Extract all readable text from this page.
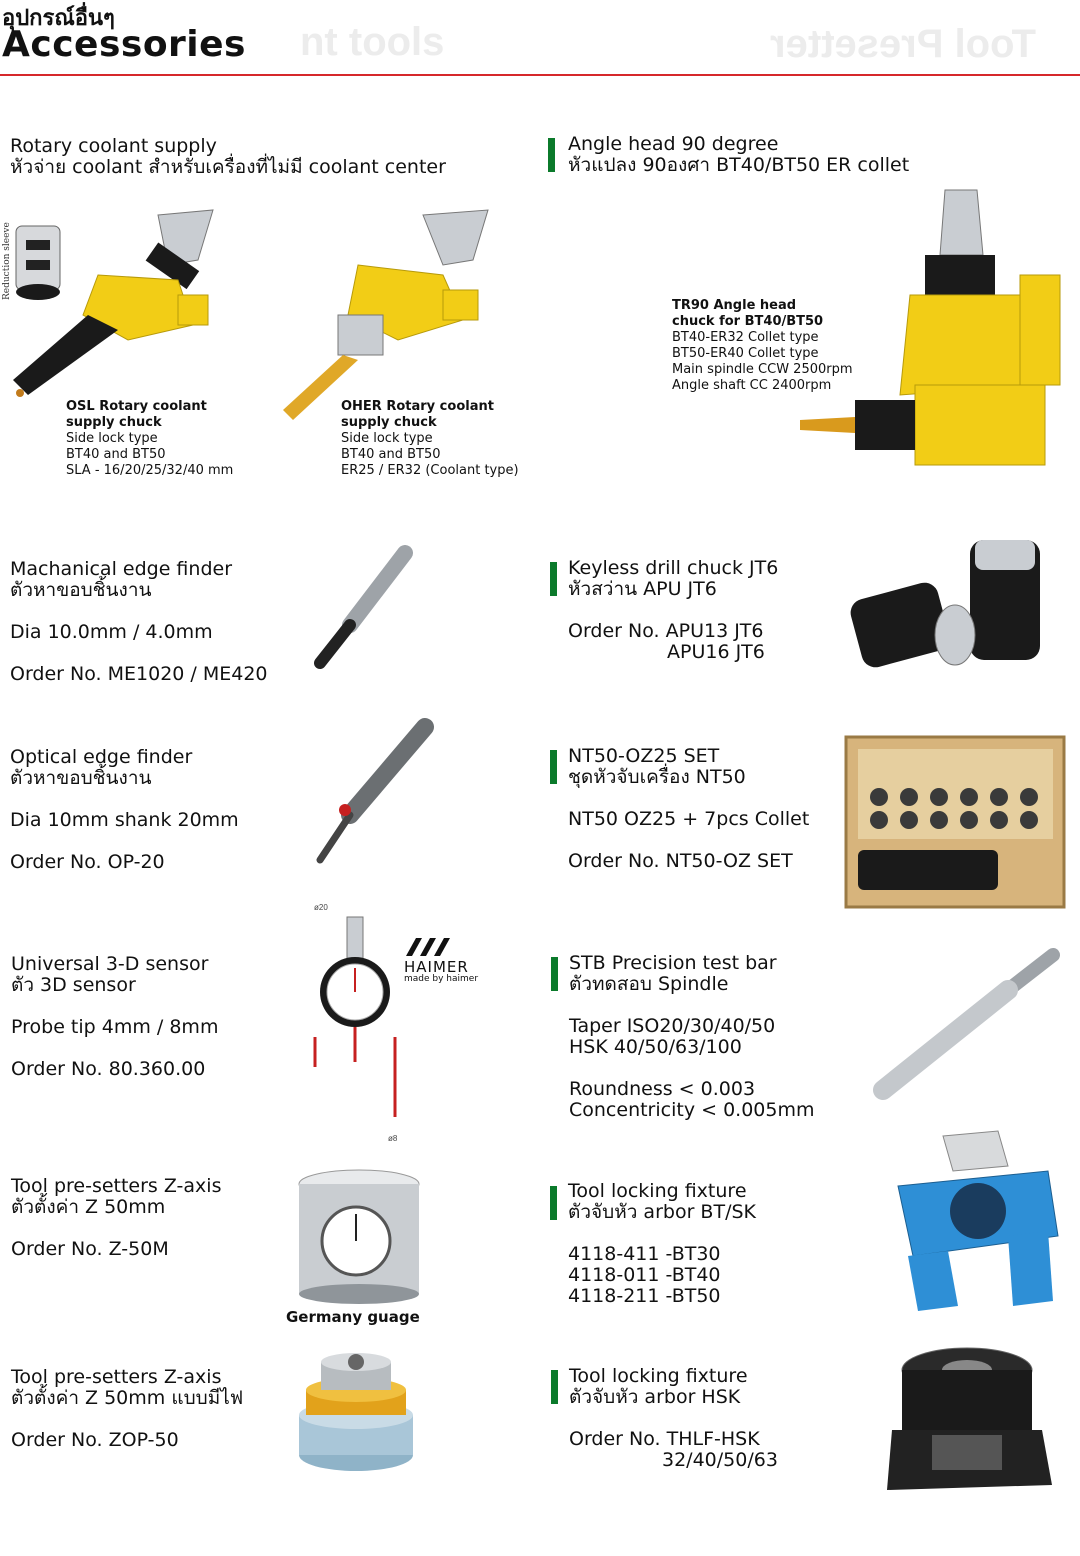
nt tools	Tool Presetter
อุปกรณ์อื่นๆ
Accessories
Rotary coolant supply
หัวจ่าย coolant สำหรับเครื่องที่ไม่มี coolant center
Reduction sleeve
OSL Rotary coolant
supply chuck
Side lock type
BT40 and BT50
SLA - 16/20/25/32/40 mm
OHER Rotary coolant
supply chuck
Side lock type
BT40 and BT50
ER25 / ER32 (Coolant type)
Angle head 90 degree
หัวแปลง 90องศา BT40/BT50 ER collet
TR90 Angle head
chuck for BT40/BT50
BT40-ER32 Collet type
BT50-ER40 Collet type
Main spindle CCW 2500rpm
Angle shaft CC 2400rpm
Machanical edge finder
ตัวหาขอบชิ้นงาน
Dia 10.0mm / 4.0mm
Order No. ME1020 / ME420
Keyless drill chuck JT6
หัวสว่าน APU JT6
Order No. APU13 JT6
APU16 JT6
Optical edge finder
ตัวหาขอบชิ้นงาน
Dia 10mm shank 20mm
Order No. OP-20
NT50-OZ25 SET
ชุดหัวจับเครื่อง NT50
NT50 OZ25 + 7pcs Collet
Order No. NT50-OZ SET
Universal 3-D sensor
ตัว 3D sensor
Probe tip 4mm / 8mm
Order No. 80.360.00
ø20
ø8
HAIMER
made by haimer
STB Precision test bar
ตัวทดสอบ Spindle
Taper ISO20/30/40/50
HSK 40/50/63/100
Roundness < 0.003
Concentricity < 0.005mm
Tool pre-setters Z-axis
ตัวตั้งค่า Z 50mm
Order No. Z-50M
Germany guage
Tool locking fixture
ตัวจับหัว arbor BT/SK
4118-411 -BT30
4118-011 -BT40
4118-211 -BT50
Tool pre-setters Z-axis
ตัวตั้งค่า Z 50mm แบบมีไฟ
Order No. ZOP-50
Tool locking fixture
ตัวจับหัว arbor HSK
Order No. THLF-HSK
32/40/50/63
